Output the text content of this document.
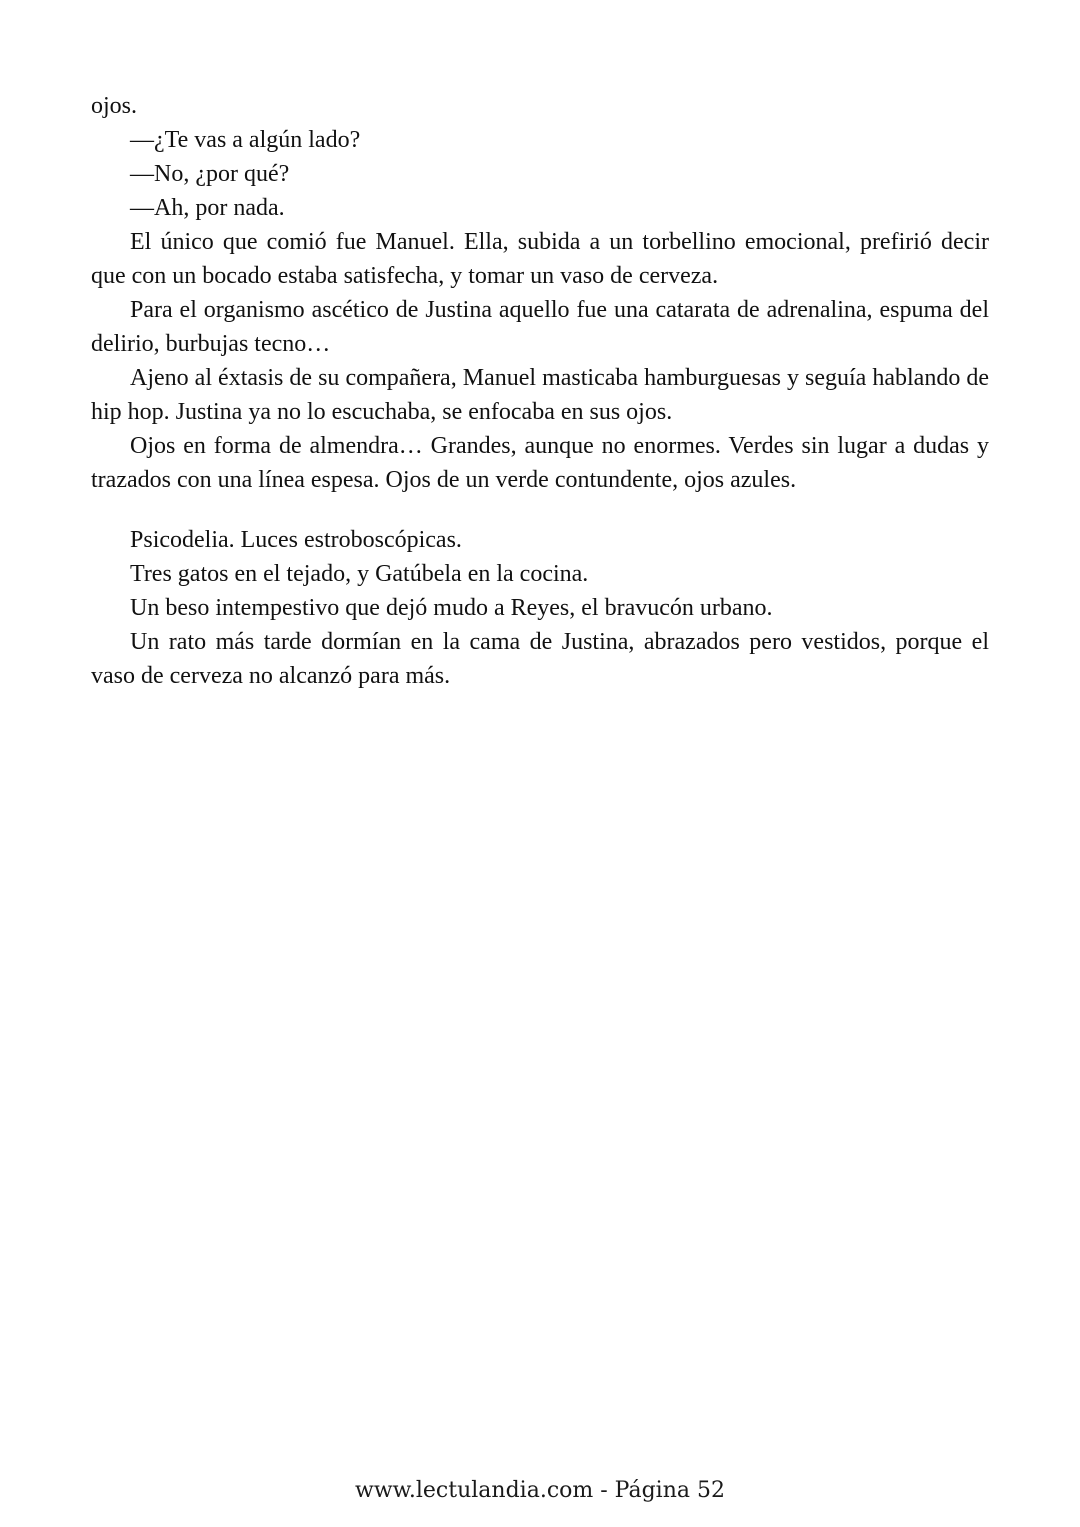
ojos.

—¿Te vas a algún lado?

—No, ¿por qué?

—Ah, por nada.

El único que comió fue Manuel. Ella, subida a un torbellino emocional, prefirió decir que con un bocado estaba satisfecha, y tomar un vaso de cerveza.

Para el organismo ascético de Justina aquello fue una catarata de adrenalina, espuma del delirio, burbujas tecno…

Ajeno al éxtasis de su compañera, Manuel masticaba hamburguesas y seguía hablando de hip hop. Justina ya no lo escuchaba, se enfocaba en sus ojos.

Ojos en forma de almendra… Grandes, aunque no enormes. Verdes sin lugar a dudas y trazados con una línea espesa. Ojos de un verde contundente, ojos azules.

Psicodelia. Luces estroboscópicas.

Tres gatos en el tejado, y Gatúbela en la cocina.

Un beso intempestivo que dejó mudo a Reyes, el bravucón urbano.

Un rato más tarde dormían en la cama de Justina, abrazados pero vestidos, porque el vaso de cerveza no alcanzó para más.

www.lectulandia.com - Página 52
